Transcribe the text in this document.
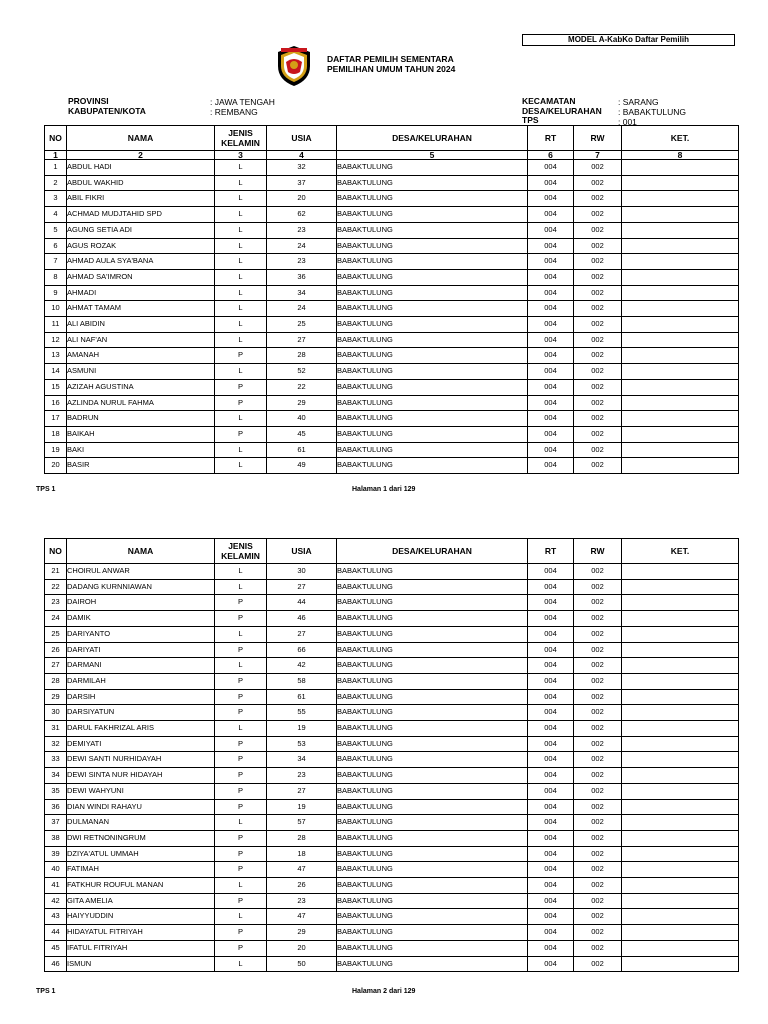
MODEL A-KabKo Daftar Pemilih
DAFTAR PEMILIH SEMENTARA
PEMILIHAN UMUM TAHUN 2024
PROVINSI	: JAWA TENGAH
KABUPATEN/KOTA	: REMBANG
KECAMATAN	: SARANG
DESA/KELURAHAN : BABAKTULUNG
TPS	: 001
NO	NAMA	JENIS KELAMIN	USIA	DESA/KELURAHAN	RT	RW	KET.
1	2	3	4	5	6	7	8
1	ABDUL HADI	L	32	BABAKTULUNG	004	002	
2	ABDUL WAKHID	L	37	BABAKTULUNG	004	002	
3	ABIL FIKRI	L	20	BABAKTULUNG	004	002	
4	ACHMAD MUDJTAHID SPD	L	62	BABAKTULUNG	004	002	
5	AGUNG SETIA ADI	L	23	BABAKTULUNG	004	002	
6	AGUS ROZAK	L	24	BABAKTULUNG	004	002	
7	AHMAD AULA SYA'BANA	L	23	BABAKTULUNG	004	002	
8	AHMAD SA'IMRON	L	36	BABAKTULUNG	004	002	
9	AHMADI	L	34	BABAKTULUNG	004	002	
10	AHMAT TAMAM	L	24	BABAKTULUNG	004	002	
11	ALI ABIDIN	L	25	BABAKTULUNG	004	002	
12	ALI NAF'AN	L	27	BABAKTULUNG	004	002	
13	AMANAH	P	28	BABAKTULUNG	004	002	
14	ASMUNI	L	52	BABAKTULUNG	004	002	
15	AZIZAH AGUSTINA	P	22	BABAKTULUNG	004	002	
16	AZLINDA NURUL FAHMA	P	29	BABAKTULUNG	004	002	
17	BADRUN	L	40	BABAKTULUNG	004	002	
18	BAIKAH	P	45	BABAKTULUNG	004	002	
19	BAKI	L	61	BABAKTULUNG	004	002	
20	BASIR	L	49	BABAKTULUNG	004	002	
TPS 1	Halaman 1 dari 129
NO	NAMA	JENIS KELAMIN	USIA	DESA/KELURAHAN	RT	RW	KET.
21	CHOIRUL ANWAR	L	30	BABAKTULUNG	004	002	
22	DADANG KURNNIAWAN	L	27	BABAKTULUNG	004	002	
23	DAIROH	P	44	BABAKTULUNG	004	002	
24	DAMIK	P	46	BABAKTULUNG	004	002	
25	DARIYANTO	L	27	BABAKTULUNG	004	002	
26	DARIYATI	P	66	BABAKTULUNG	004	002	
27	DARMANI	L	42	BABAKTULUNG	004	002	
28	DARMILAH	P	58	BABAKTULUNG	004	002	
29	DARSIH	P	61	BABAKTULUNG	004	002	
30	DARSIYATUN	P	55	BABAKTULUNG	004	002	
31	DARUL FAKHRIZAL ARIS	L	19	BABAKTULUNG	004	002	
32	DEMIYATI	P	53	BABAKTULUNG	004	002	
33	DEWI SANTI NURHIDAYAH	P	34	BABAKTULUNG	004	002	
34	DEWI SINTA NUR HIDAYAH	P	23	BABAKTULUNG	004	002	
35	DEWI WAHYUNI	P	27	BABAKTULUNG	004	002	
36	DIAN WINDI RAHAYU	P	19	BABAKTULUNG	004	002	
37	DULMANAN	L	57	BABAKTULUNG	004	002	
38	DWI RETNONINGRUM	P	28	BABAKTULUNG	004	002	
39	DZIYA'ATUL UMMAH	P	18	BABAKTULUNG	004	002	
40	FATIMAH	P	47	BABAKTULUNG	004	002	
41	FATKHUR ROUFUL MANAN	L	26	BABAKTULUNG	004	002	
42	GITA AMELIA	P	23	BABAKTULUNG	004	002	
43	HAIYYUDDIN	L	47	BABAKTULUNG	004	002	
44	HIDAYATUL FITRIYAH	P	29	BABAKTULUNG	004	002	
45	IFATUL FITRIYAH	P	20	BABAKTULUNG	004	002	
46	ISMUN	L	50	BABAKTULUNG	004	002	
TPS 1	Halaman 2 dari 129
